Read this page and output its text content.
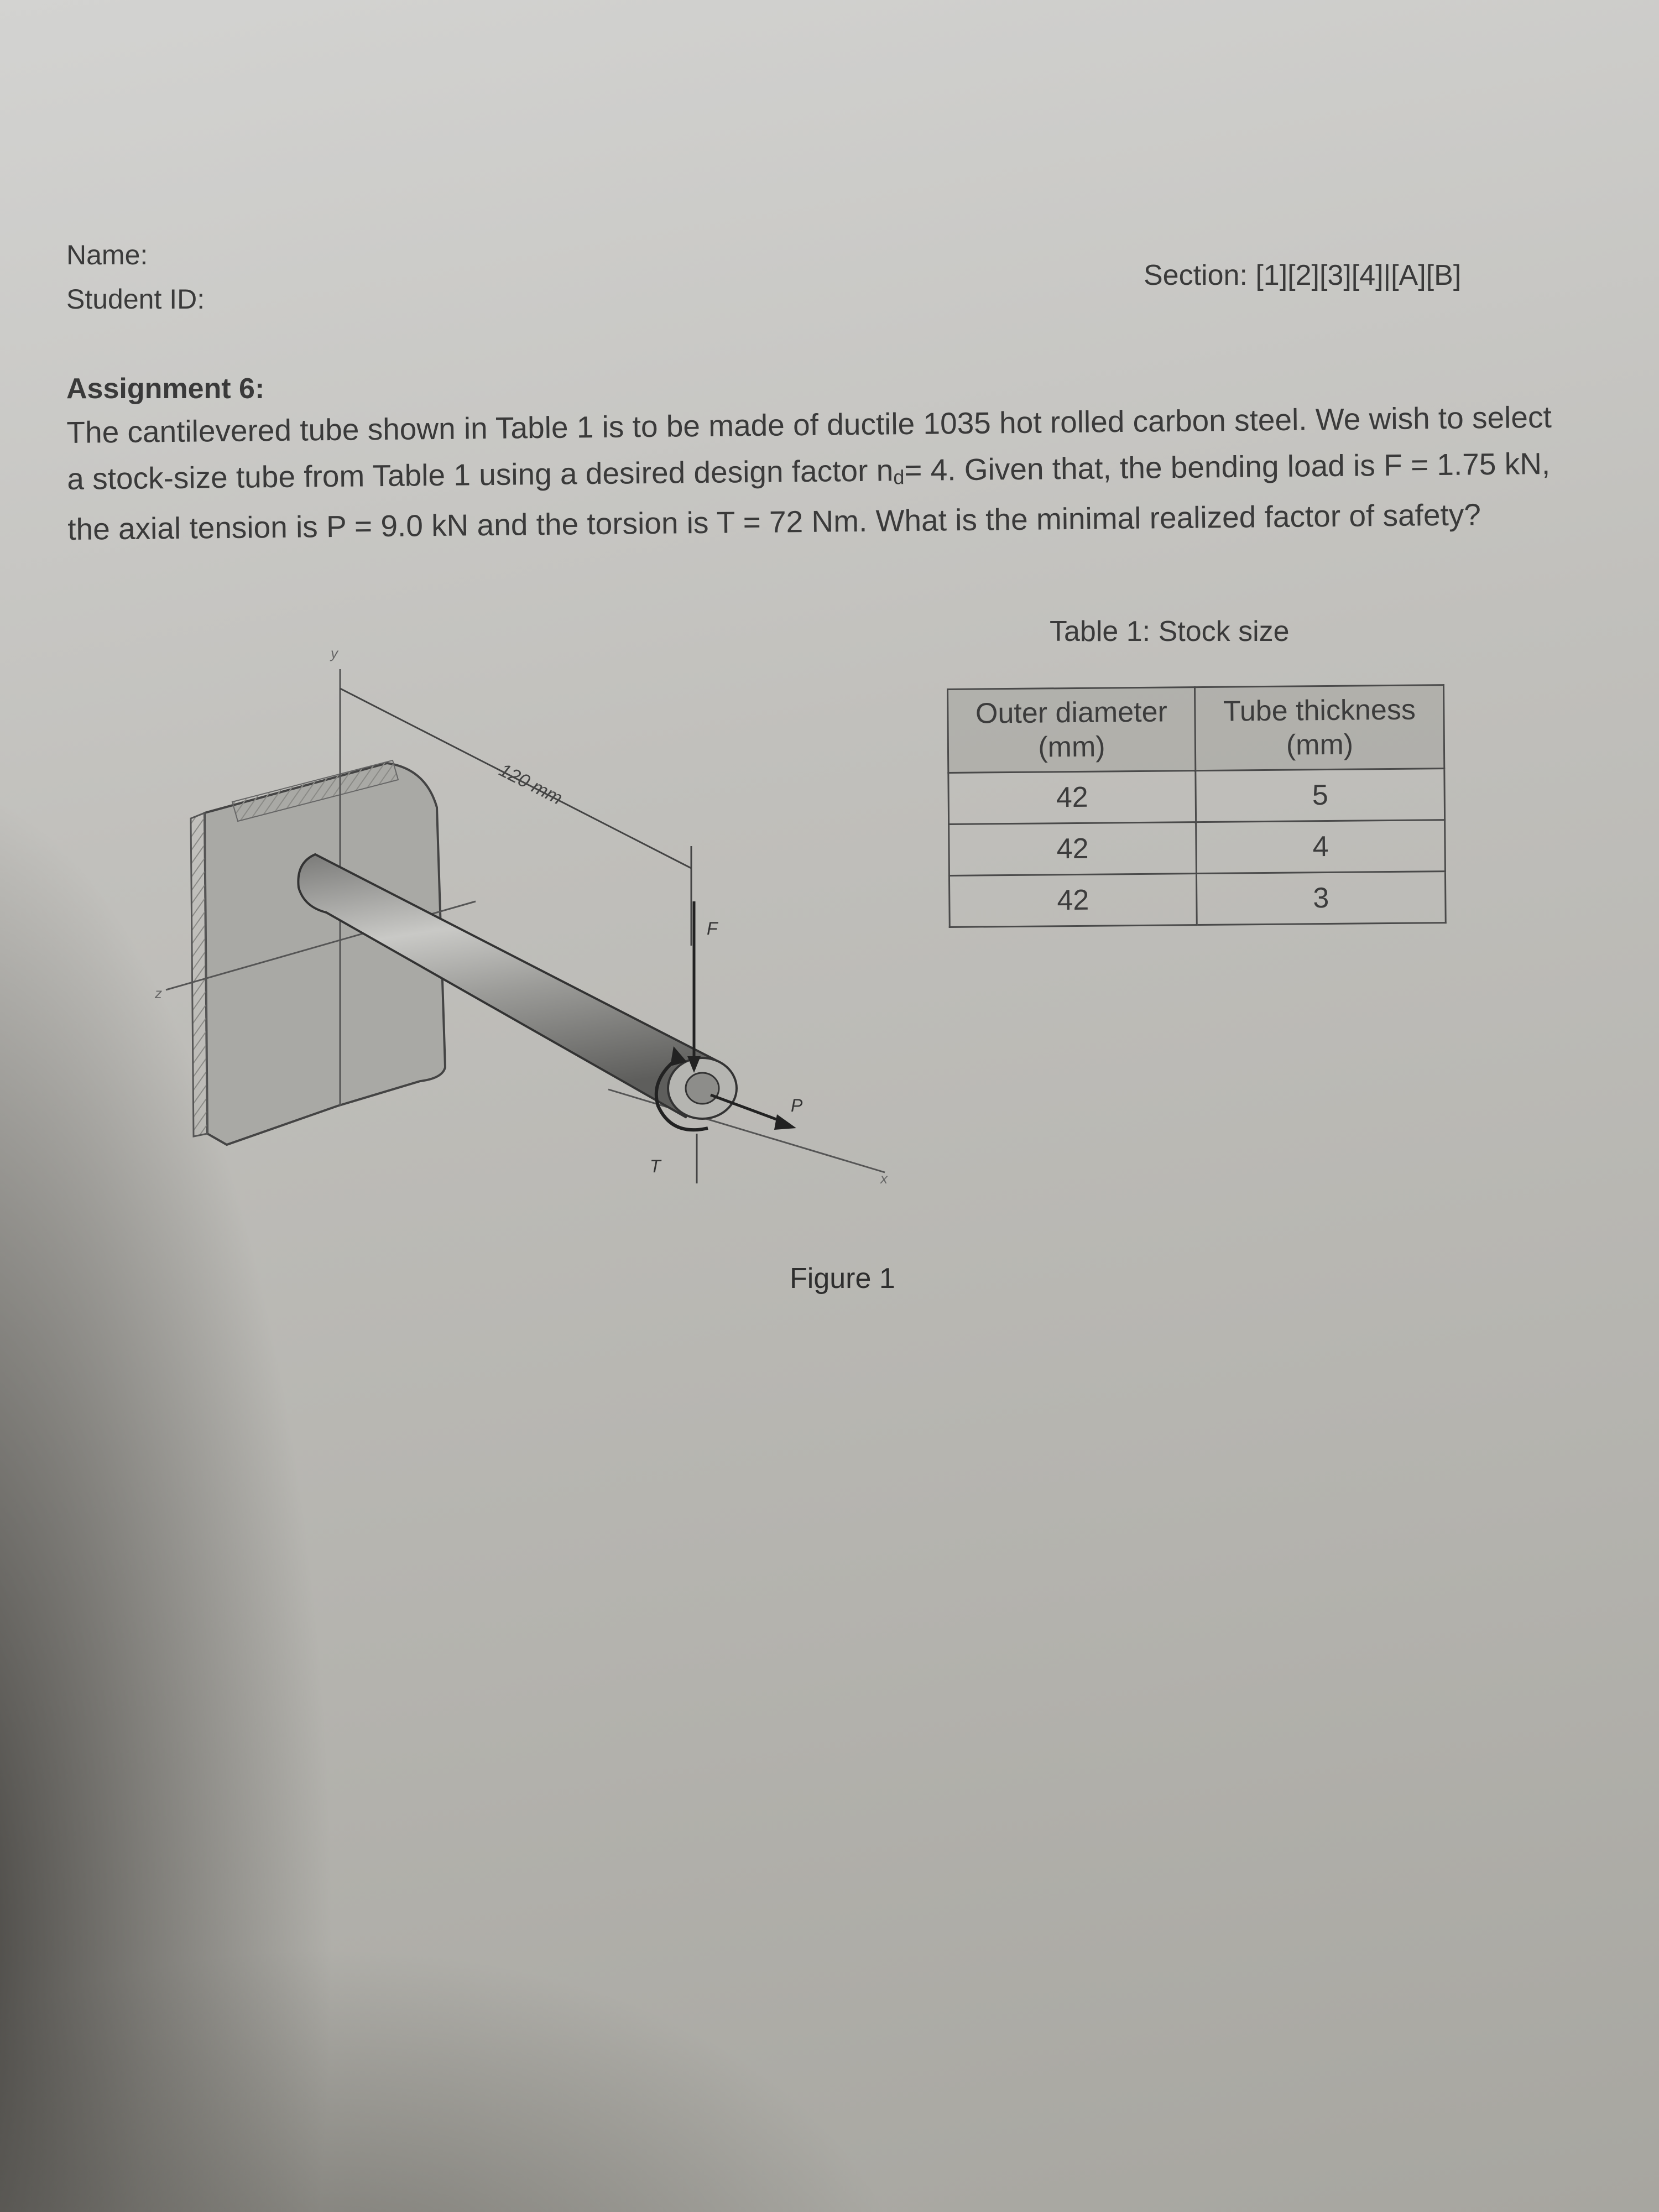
Name:
Student ID:
Section: [1][2][3][4]|[A][B]
Assignment 6:
The cantilevered tube shown in Table 1 is to be made of ductile 1035 hot rolled carbon steel. We wish to select
a stock-size tube from Table 1 using a desired design factor nd= 4. Given that, the bending load is F = 1.75 kN,
the axial tension is P = 9.0 kN and the torsion is T = 72 Nm. What is the minimal realized factor of safety?
Table 1: Stock size
Outer diameter (mm)	Tube thickness (mm)
42	5
42	4
42	3
y
z
x
120 mm
F
P
T
Figure 1
